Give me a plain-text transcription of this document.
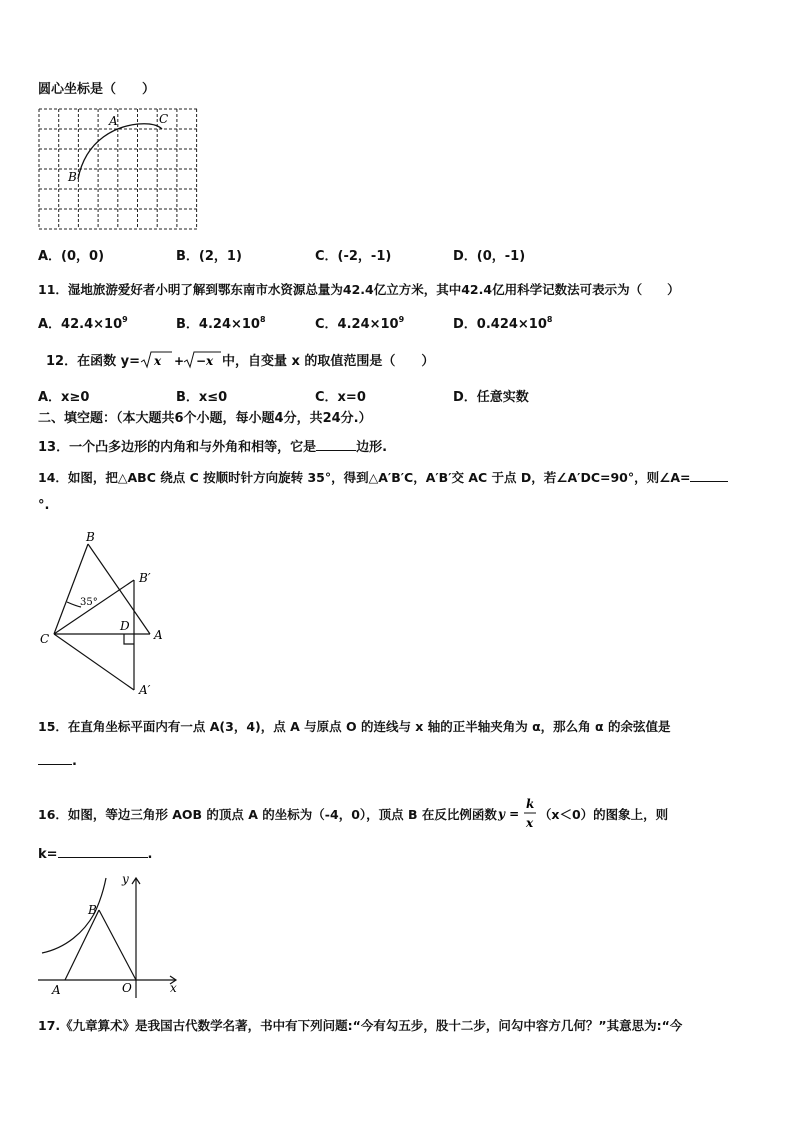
圆心坐标是（　　）
A	C
B
A．(0，0)	B．(2，1)	C．(-2，-1)	D．(0，-1)
11．湿地旅游爱好者小明了解到鄂东南市水资源总量为42.4亿立方米，其中42.4亿用科学记数法可表示为（　　）
A．$42.4\times 10^9$	B．$4.24\times 10^8$	C．$4.24\times 10^9$	D．$0.424\times 10^8$
12．在函数 y= x + −x 中，自变量 x 的取值范围是（　　）
A．x≥0	B．x≤0	C．x=0	D．任意实数
二、填空题：（本大题共6个小题，每小题4分，共24分.）
13．一个凸多边形的内角和与外角和相等，它是	边形.
14．如图，把△ABC 绕点 C 按顺时针方向旋转 35°，得到△A′B′C，A′B′交 AC 于点 D，若∠A′DC=90°，则∠A=
°.
B
B′
C
D
A
A′
35°
15．在直角坐标平面内有一点 A(3，4)，点 A 与原点 O 的连线与 x 轴的正半轴夹角为 α，那么角 α 的余弦值是
.
16．如图，等边三角形 AOB 的顶点 A 的坐标为（-4，0），顶点 B 在反比例函数 y =
k
x
（x＜0）的图象上，则
k=	.
y
x
B
A	O
17.《九章算术》是我国古代数学名著，书中有下列问题:“今有勾五步，股十二步，问勾中容方几何？”其意思为:“今
